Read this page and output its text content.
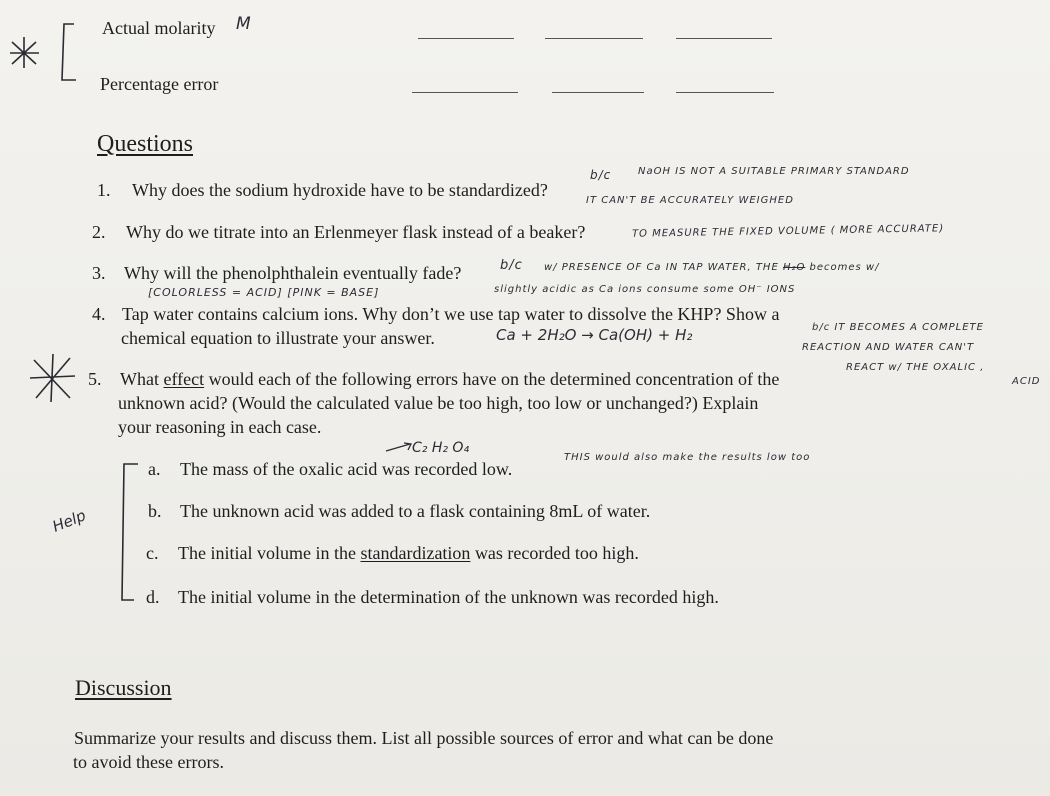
⁠
Actual molarity M
Percentage error
Questions
1. Why does the sodium hydroxide have to be standardized?
b/c	NaOH IS NOT A SUITABLE PRIMARY STANDARD
IT CAN'T BE ACCURATELY WEIGHED
2. Why do we titrate into an Erlenmeyer flask instead of a beaker?	TO MEASURE THE FIXED VOLUME ( MORE ACCURATE)
3. Why will the phenolphthalein eventually fade?	b/c w/ PRESENCE OF Ca IN TAP WATER, THE H₂O becomes w/
slightly acidic as Ca ions consume some OH⁻ IONS
[COLORLESS = ACID] [PINK = BASE]
4. Tap water contains calcium ions. Why don’t we use tap water to dissolve the KHP? Show a
chemical equation to illustrate your answer.	Ca + 2H₂O → Ca(OH) + H₂	b/c IT BECOMES A COMPLETE
REACTION AND WATER CAN'T
REACT w/ THE OXALIC ,
ACID
5. What effect would each of the following errors have on the determined concentration of the
unknown acid? (Would the calculated value be too high, too low or unchanged?) Explain
your reasoning in each case.
C₂ H₂ O₄
a. The mass of the oxalic acid was recorded low.
THIS would also make the results low too
b. The unknown acid was added to a flask containing 8mL of water.
Help
c. The initial volume in the standardization was recorded too high.
d. The initial volume in the determination of the unknown was recorded high.
Discussion
Summarize your results and discuss them. List all possible sources of error and what can be done
to avoid these errors.
